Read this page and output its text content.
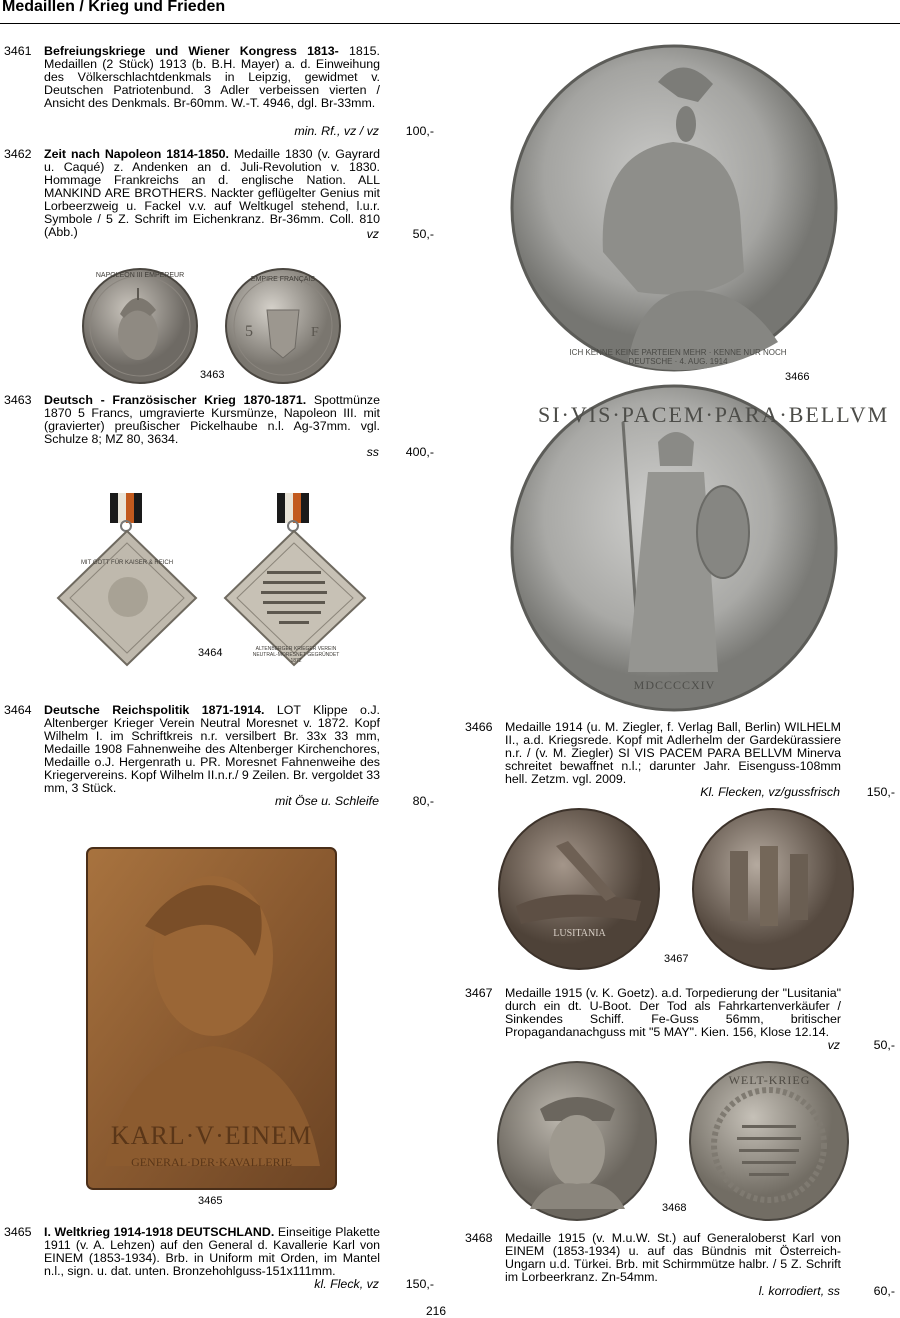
Medaillen / Krieg und Frieden
3461 Befreiungskriege und Wiener Kongress 1813- 1815. Medaillen (2 Stück) 1913 (b. B.H. Mayer) a. d. Einweihung des Völkerschlachtdenkmals in Leipzig, gewidmet v. Deutschen Patriotenbund. 3 Adler verbeissen vierten / Ansicht des Denkmals. Br-60mm. W.-T. 4946, dgl. Br-33mm.
min. Rf., vz / vz 100,-
3462 Zeit nach Napoleon 1814-1850. Medaille 1830 (v. Gayrard u. Caqué) z. Andenken an d. Juli-Revolution v. 1830. Hommage Frankreichs an d. englische Nation. ALL MANKIND ARE BROTHERS. Nackter geflügelter Genius mit Lorbeerzweig u. Fackel v.v. auf Weltkugel stehend, l.u.r. Symbole / 5 Z. Schrift im Eichenkranz. Br-36mm. Coll. 810 (Abb.)	vz	50,-
5	F
3463
3463 Deutsch - Französischer Krieg 1870-1871. Spottmünze 1870 5 Francs, umgravierte Kursmünze, Napoleon III. mit (gravierter) preußischer Pickelhaube n.l. Ag-37mm. vgl. Schulze 8; MZ 80, 3634.
ss 400,-
3464
3464 Deutsche Reichspolitik 1871-1914. LOT Klippe o.J. Altenberger Krieger Verein Neutral Moresnet v. 1872. Kopf Wilhelm I. im Schriftkreis n.r. versilbert Br. 33x 33 mm, Medaille 1908 Fahnenweihe des Altenberger Kirchenchores, Medaille o.J. Hergenrath u. PR. Moresnet Fahnenweihe des Kriegervereins. Kopf Wilhelm II.n.r./ 9 Zeilen. Br. vergoldet 33 mm, 3 Stück.
mit Öse u. Schleife	80,-
KARL·V·EINEM
GENERAL·DER·KAVALLERIE
3465
3465 I. Weltkrieg 1914-1918 DEUTSCHLAND. Einseitige Plakette 1911 (v. A. Lehzen) auf den General d. Kavallerie Karl von EINEM (1853-1934). Brb. in Uniform mit Orden, im Mantel n.l., sign. u. dat. unten. Bronzehohlguss-151x111mm.
kl. Fleck, vz 150,-
ICH KENNE KEINE PARTEIEN MEHR · KENNE NUR NOCH DEUTSCHE · 4. AUG. 1914
3466
SI·VIS·PACEM·PARA·BELLVM
MDCCCCXIV
3466 Medaille 1914 (u. M. Ziegler, f. Verlag Ball, Berlin) WILHELM II., a.d. Kriegsrede. Kopf mit Adlerhelm der Gardekürassiere n.r. / (v. M. Ziegler) SI VIS PACEM PARA BELLVM Minerva schreitet bewaffnet n.l.; darunter Jahr. Eisenguss-108mm hell. Zetzm. vgl. 2009.
Kl. Flecken, vz/gussfrisch 150,-
LUSITANIA
3467
3467 Medaille 1915 (v. K. Goetz). a.d. Torpedierung der "Lusitania" durch ein dt. U-Boot. Der Tod als Fahrkartenverkäufer / Sinkendes Schiff. Fe-Guss 56mm, britischer Propagandanachguss mit "5 MAY". Kien. 156, Klose 12.14.
vz	50,-
WELT-KRIEG
3468
3468 Medaille 1915 (v. M.u.W. St.) auf Generaloberst Karl von EINEM (1853-1934) u. auf das Bündnis mit Österreich-Ungarn u.d. Türkei. Brb. mit Schirmmütze halbr. / 5 Z. Schrift im Lorbeerkranz. Zn-54mm.
l. korrodiert, ss	60,-
NAPOLEON III EMPEREUR
EMPIRE FRANÇAIS
MIT GOTT FÜR KAISER & REICH
ALTENBERGER KRIEGER VEREIN NEUTRAL-MORESNET GEGRÜNDET 1872
216
